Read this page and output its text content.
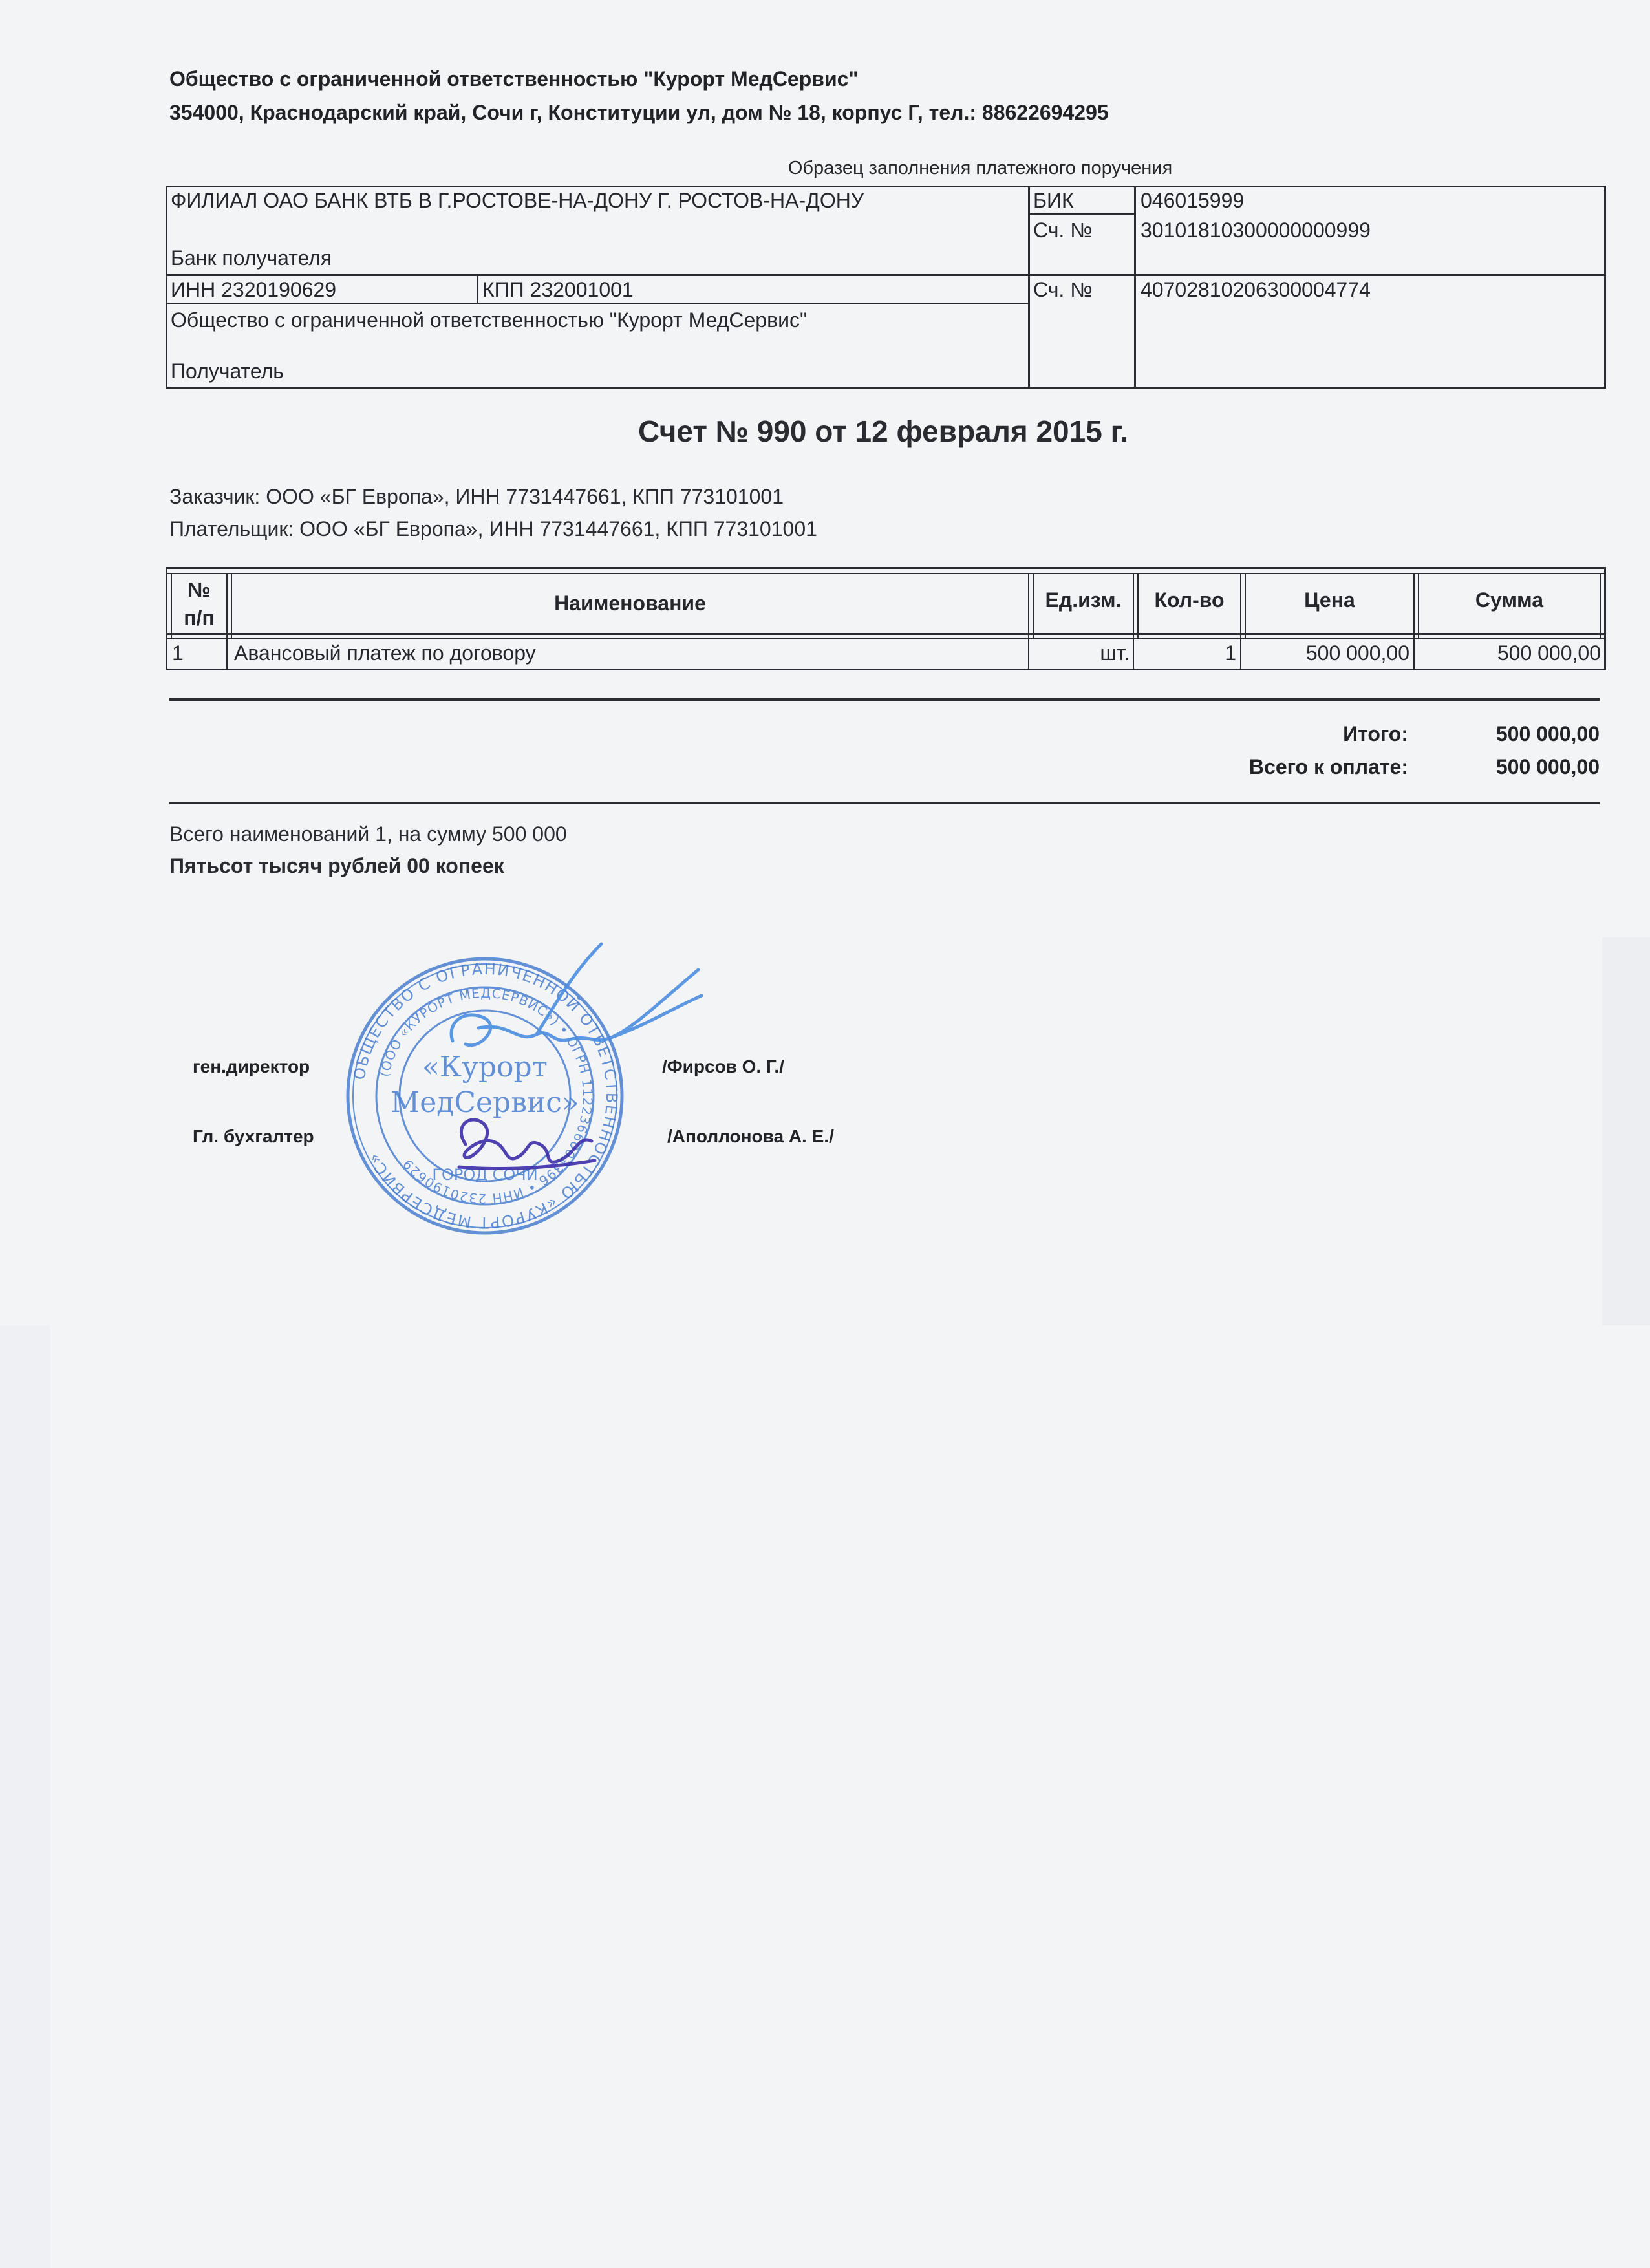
Общество с ограниченной ответственностью "Курорт МедСервис"
354000, Краснодарский край, Сочи г, Конституции ул, дом № 18, корпус Г, тел.: 88622694295
Образец заполнения платежного поручения
ФИЛИАЛ ОАО БАНК ВТБ В Г.РОСТОВЕ-НА-ДОНУ Г. РОСТОВ-НА-ДОНУ
Банк получателя
БИК	046015999
Сч. № 30101810300000000999
ИНН 2320190629	КПП 232001001	Сч. № 40702810206300004774
Общество с ограниченной ответственностью "Курорт МедСервис"
Получатель
Счет № 990 от 12 февраля 2015 г.
Заказчик: ООО «БГ Европа», ИНН 7731447661, КПП 773101001
Плательщик: ООО «БГ Европа», ИНН 7731447661, КПП 773101001
№
п/п
Наименование	Ед.изм.	Кол-во	Цена	Сумма
1 Авансовый платеж по договору	шт.	1	500 000,00	500 000,00
Итого:	500 000,00
Всего к оплате:	500 000,00
Всего наименований 1, на сумму 500 000
Пятьсот тысяч рублей 00 копеек
ген.директор	/Фирсов О. Г./
Гл. бухгалтер	/Аполлонова А. Е./
ОБЩЕСТВО С ОГРАНИЧЕННОЙ ОТВЕТСТВЕННОСТЬЮ «КУРОРТ МЕДСЕРВИС»
(ООО «КУРОРТ МЕДСЕРВИС») • ОГРН 1122366003396 • ИНН 2320190629
«Курорт
МедСервис»
ГОРОД СОЧИ
